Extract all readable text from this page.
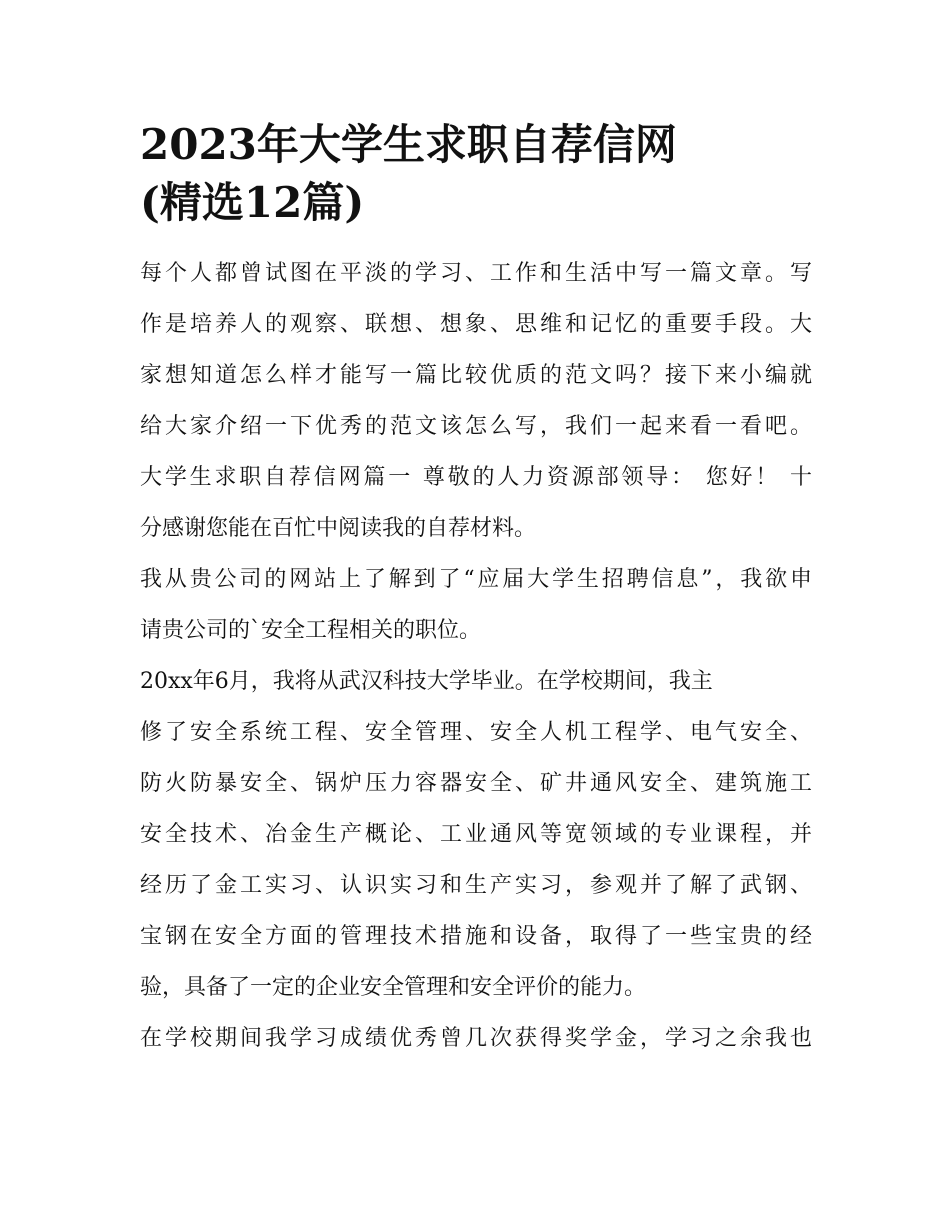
2023年大学生求职自荐信网
(精选12篇)

每个人都曾试图在平淡的学习、工作和生活中写一篇文章。写
作是培养人的观察、联想、想象、思维和记忆的重要手段。大
家想知道怎么样才能写一篇比较优质的范文吗？接下来小编就
给大家介绍一下优秀的范文该怎么写，我们一起来看一看吧。

大学生求职自荐信网篇一 尊敬的人力资源部领导： 您好！ 十
分感谢您能在百忙中阅读我的自荐材料。

我从贵公司的网站上了解到了“应届大学生招聘信息”，我欲申
请贵公司的`安全工程相关的职位。

20xx年6月，我将从武汉科技大学毕业。在学校期间，我主
修了安全系统工程、安全管理、安全人机工程学、电气安全、
防火防暴安全、锅炉压力容器安全、矿井通风安全、建筑施工
安全技术、冶金生产概论、工业通风等宽领域的专业课程，并
经历了金工实习、认识实习和生产实习，参观并了解了武钢、
宝钢在安全方面的管理技术措施和设备，取得了一些宝贵的经
验，具备了一定的企业安全管理和安全评价的能力。

在学校期间我学习成绩优秀曾几次获得奖学金，学习之余我也
